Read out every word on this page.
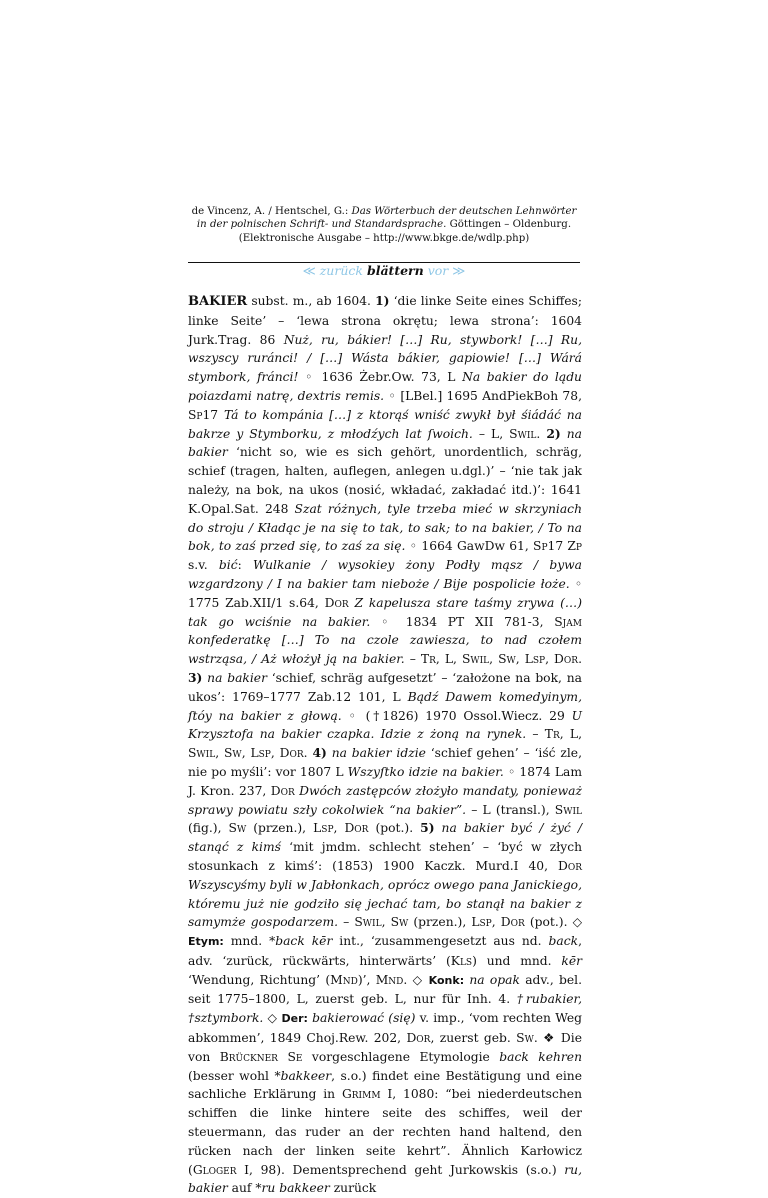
de Vincenz, A. / Hentschel, G.: Das Wörterbuch der deutschen Lehnwörter
in der polnischen Schrift- und Standardsprache. Göttingen – Oldenburg.
(Elektronische Ausgabe – http://www.bkge.de/wdlp.php)
≪ zurück blättern vor ≫

BAKIER subst. m., ab 1604. 1) ‘die linke Seite eines Schiffes; linke Seite’ – ‘lewa strona okrętu; lewa strona’: 1604 Jurk.Trag. 86 Nuż, ru, bákier! […] Ru, stywbork! […] Ru, wszyscy ruránci! / […] Wásta bákier, gapiowie! […] Wárá stymbork, fránci! ◦ 1636 Żebr.Ow. 73, L Na bakier do lądu poiazdami natrę, dextris remis. ◦ [LBel.] 1695 AndPiekBoh 78, Sp17 Tá to kompánia […] z ktorąś wniść zwykł był śiádáć na bakrze y Stymborku, z młodźych lat ſwoich. – L, Swil. 2) na bakier ‘nicht so, wie es sich gehört, unordentlich, schräg, schief (tragen, halten, auflegen, anlegen u.dgl.)’ – ‘nie tak jak należy, na bok, na ukos (nosić, wkładać, zakładać itd.)’: 1641 K.Opal.Sat. 248 Szat różnych, tyle trzeba mieć w skrzyniach do stroju / Kładąc je na się to tak, to sak; to na bakier, / To na bok, to zaś przed się, to zaś za się. ◦ 1664 GawDw 61, Sp17 Zp s.v. bić: Wulkanie / wysokiey żony Podły mąsz / bywa wzgardzony / I na bakier tam nieboże / Bije pospolicie łoże. ◦ 1775 Zab.XII/1 s.64, Dor Z kapelusza stare taśmy zrywa (…) tak go wciśnie na bakier. ◦ 1834 PT XII 781-3, Sjam konfederatkę […] To na czole zawiesza, to nad czołem wstrząsa, / Aż włożył ją na bakier. – Tr, L, Swil, Sw, Lsp, Dor. 3) na bakier ‘schief, schräg aufgesetzt’ – ‘założone na bok, na ukos’: 1769–1777 Zab.12 101, L Bądź Dawem komedyinym, ſtóy na bakier z głową. ◦ (†1826) 1970 Ossol.Wiecz. 29 U Krzysztofa na bakier czapka. Idzie z żoną na rynek. – Tr, L, Swil, Sw, Lsp, Dor. 4) na bakier idzie ‘schief gehen’ – ‘iść zle, nie po myśli’: vor 1807 L Wszyſtko idzie na bakier. ◦ 1874 Lam J. Kron. 237, Dor Dwóch zastępców złożyło mandaty, ponieważ sprawy powiatu szły cokolwiek “na bakier”. – L (transl.), Swil (fig.), Sw (przen.), Lsp, Dor (pot.). 5) na bakier być / żyć / stanąć z kimś ‘mit jmdm. schlecht stehen’ – ‘być w złych stosunkach z kimś’: (1853) 1900 Kaczk. Murd.I 40, Dor Wszyscyśmy byli w Jabłonkach, oprócz owego pana Janickiego, któremu już nie godziło się jechać tam, bo stanął na bakier z samymże gospodarzem. – Swil, Sw (przen.), Lsp, Dor (pot.). ◇ Etym: mnd. *back kēr int., ‘zusammengesetzt aus nd. back, adv. ‘zurück, rückwärts, hinterwärts’ (Kls) und mnd. kēr ‘Wendung, Richtung’ (Mnd)’, Mnd. ◇ Konk: na opak adv., bel. seit 1775–1800, L, zuerst geb. L, nur für Inh. 4. †rubakier, †sztymbork. ◇ Der: bakierować (się) v. imp., ‘vom rechten Weg abkommen’, 1849 Choj.Rew. 202, Dor, zuerst geb. Sw. ❖ Die von Brückner Se vorgeschlagene Etymologie back kehren (besser wohl *bakkeer, s.o.) findet eine Bestätigung und eine sachliche Erklärung in Grimm I, 1080: “bei niederdeutschen schiffen die linke hintere seite des schiffes, weil der steuermann, das ruder an der rechten hand haltend, den rücken nach der linken seite kehrt”. Ähnlich Karłowicz (Gloger I, 98). Dementsprechend geht Jurkowskis (s.o.) ru, bakier auf *ru bakkeer zurück
